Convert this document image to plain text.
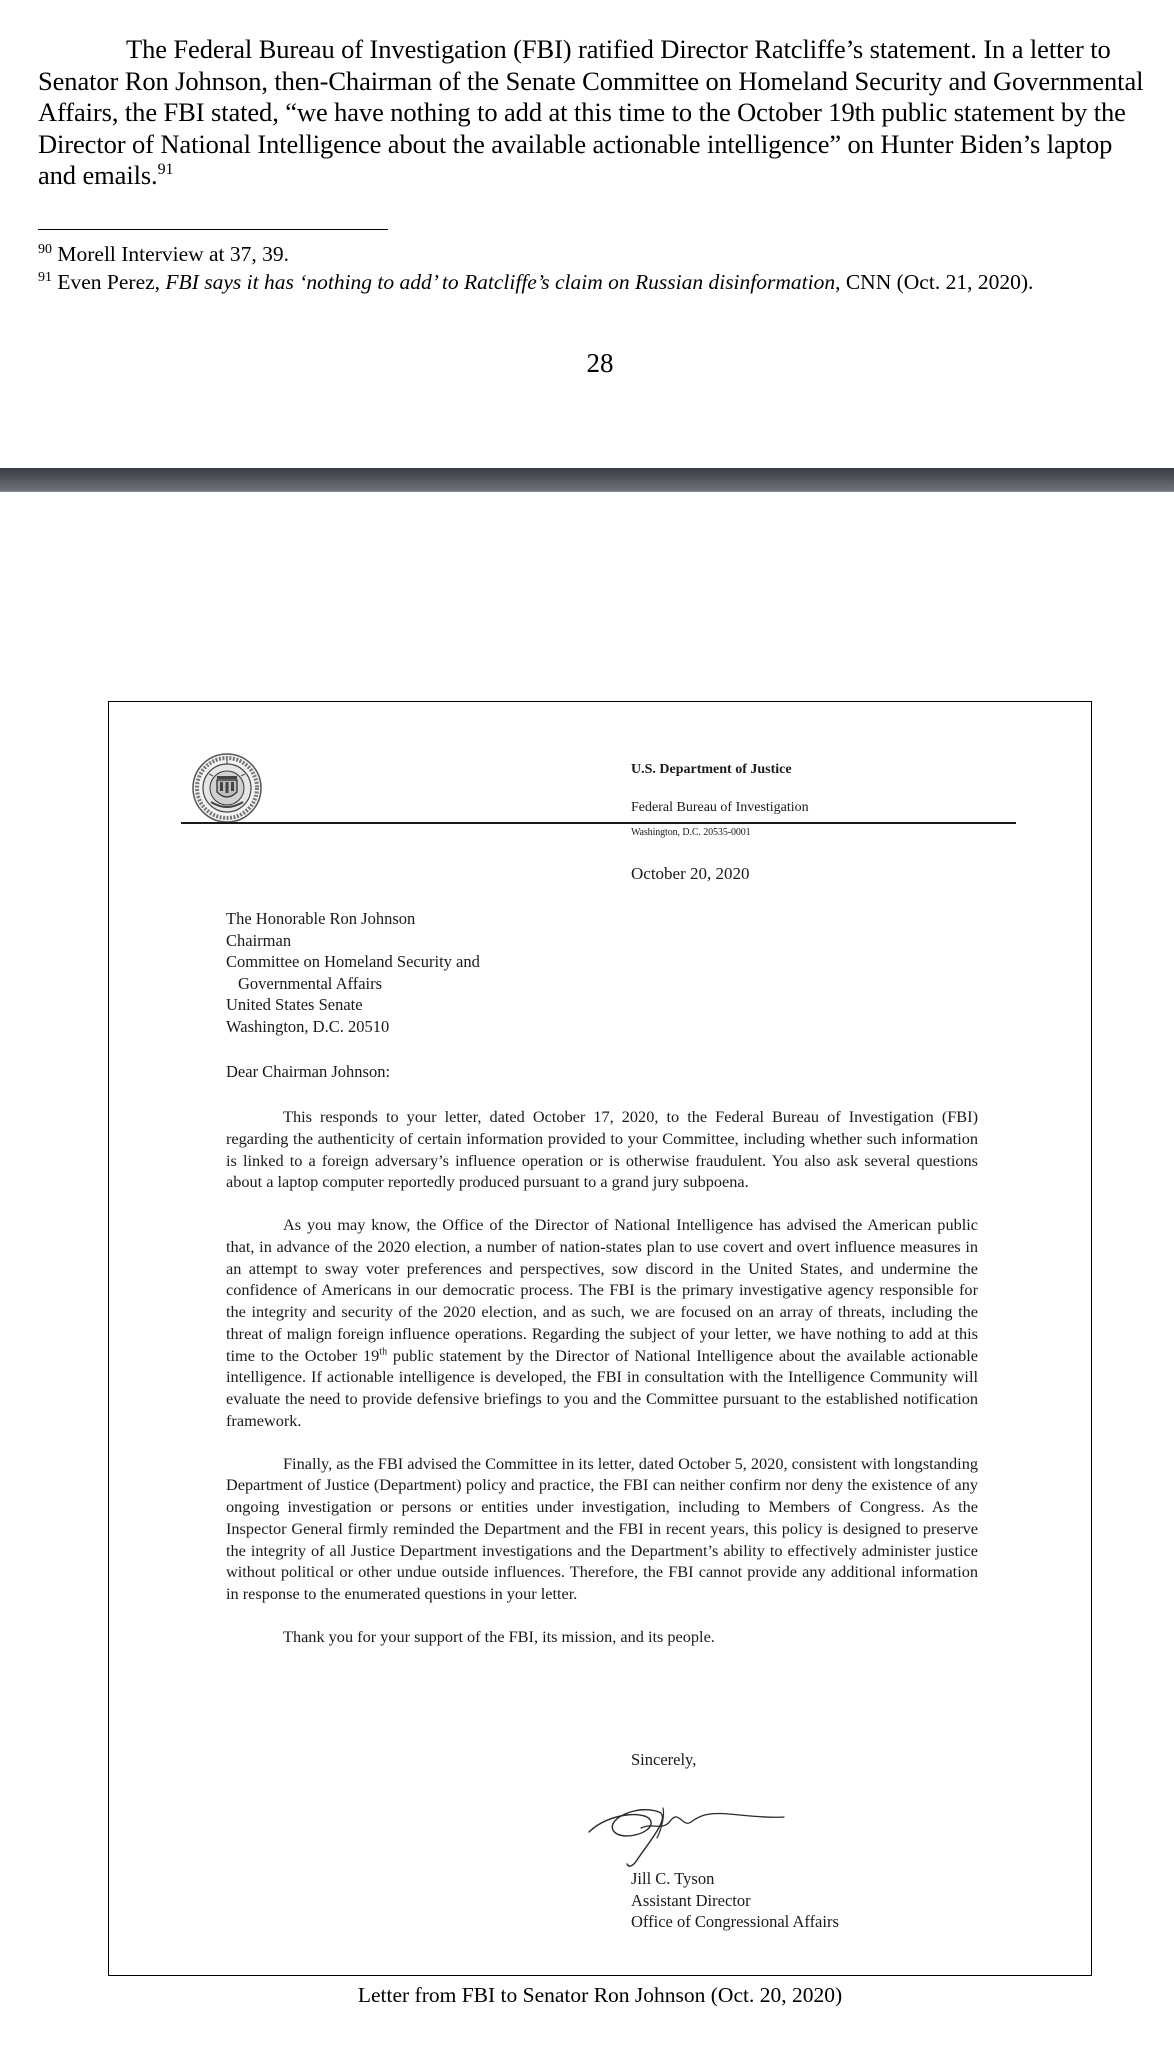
The Federal Bureau of Investigation (FBI) ratified Director Ratcliffe’s statement. In a letter to Senator Ron Johnson, then-Chairman of the Senate Committee on Homeland Security and Governmental Affairs, the FBI stated, “we have nothing to add at this time to the October 19th public statement by the Director of National Intelligence about the available actionable intelligence” on Hunter Biden’s laptop and emails.$^{91}$

$^{90}$ Morell Interview at 37, 39.

$^{91}$ Even Perez, FBI says it has ‘nothing to add’ to Ratcliffe’s claim on Russian disinformation, CNN (Oct. 21, 2020).

28

U.S. Department of Justice

Federal Bureau of Investigation

Washington, D.C. 20535-0001
October 20, 2020

The Honorable Ron Johnson

Chairman

Committee on Homeland Security and

Governmental Affairs

United States Senate

Washington, D.C. 20510

Dear Chairman Johnson:

This responds to your letter, dated October 17, 2020, to the Federal Bureau of Investigation (FBI) regarding the authenticity of certain information provided to your Committee, including whether such information is linked to a foreign adversary’s influence operation or is otherwise fraudulent. You also ask several questions about a laptop computer reportedly produced pursuant to a grand jury subpoena.

As you may know, the Office of the Director of National Intelligence has advised the American public that, in advance of the 2020 election, a number of nation-states plan to use covert and overt influence measures in an attempt to sway voter preferences and perspectives, sow discord in the United States, and undermine the confidence of Americans in our democratic process. The FBI is the primary investigative agency responsible for the integrity and security of the 2020 election, and as such, we are focused on an array of threats, including the threat of malign foreign influence operations. Regarding the subject of your letter, we have nothing to add at this time to the October 19th public statement by the Director of National Intelligence about the available actionable intelligence. If actionable intelligence is developed, the FBI in consultation with the Intelligence Community will evaluate the need to provide defensive briefings to you and the Committee pursuant to the established notification framework.

Finally, as the FBI advised the Committee in its letter, dated October 5, 2020, consistent with longstanding Department of Justice (Department) policy and practice, the FBI can neither confirm nor deny the existence of any ongoing investigation or persons or entities under investigation, including to Members of Congress. As the Inspector General firmly reminded the Department and the FBI in recent years, this policy is designed to preserve the integrity of all Justice Department investigations and the Department’s ability to effectively administer justice without political or other undue outside influences. Therefore, the FBI cannot provide any additional information in response to the enumerated questions in your letter.

Thank you for your support of the FBI, its mission, and its people.

Sincerely,

Jill C. Tyson

Assistant Director

Office of Congressional Affairs

Letter from FBI to Senator Ron Johnson (Oct. 20, 2020)
